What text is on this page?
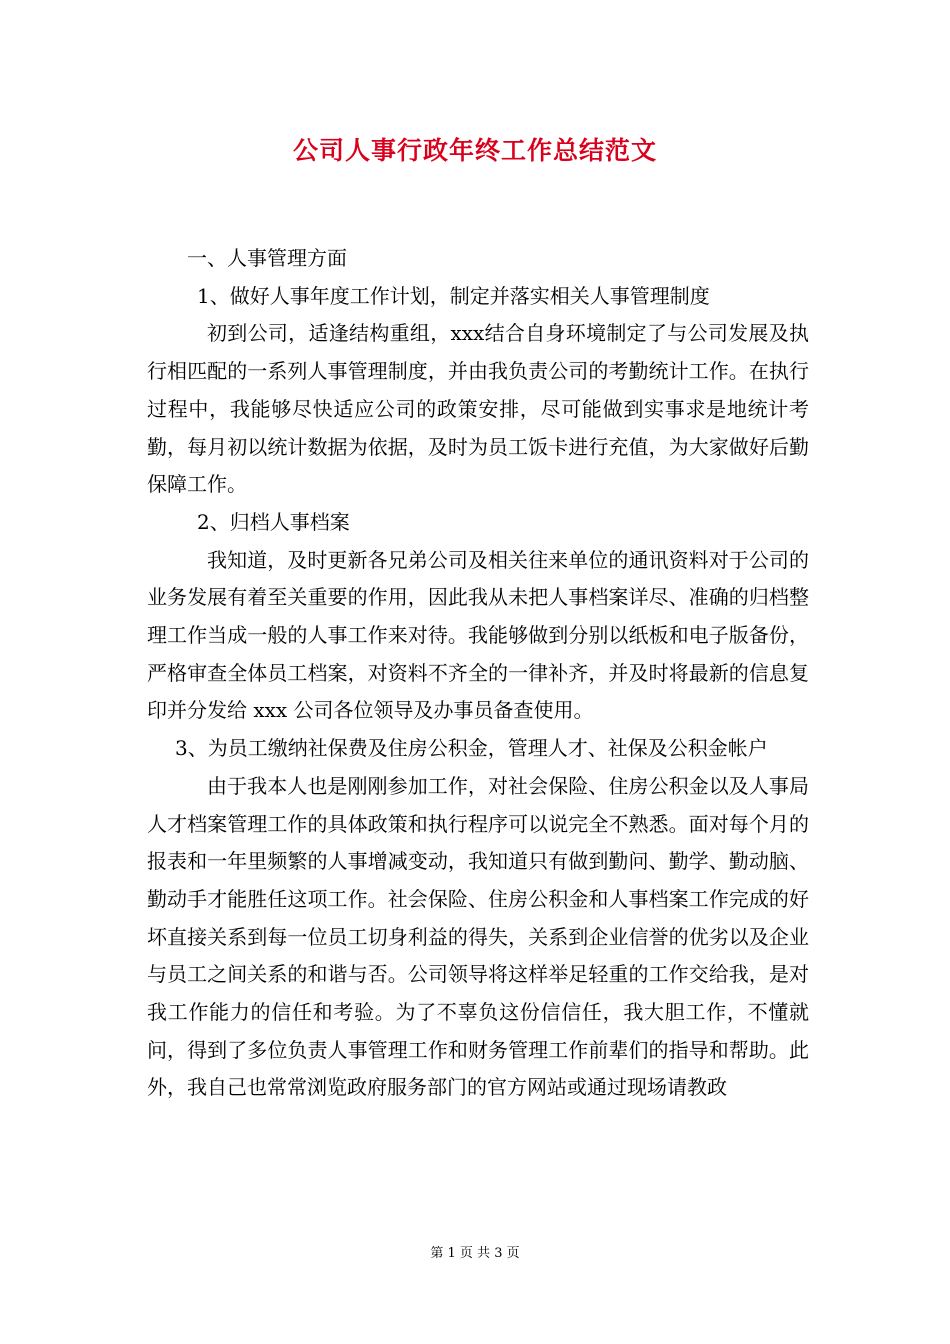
公司人事行政年终工作总结范文

一、人事管理方面

1、做好人事年度工作计划，制定并落实相关人事管理制度

初到公司，适逢结构重组，xxx结合自身环境制定了与公司发展及执行相匹配的一系列人事管理制度，并由我负责公司的考勤统计工作。在执行过程中，我能够尽快适应公司的政策安排，尽可能做到实事求是地统计考勤，每月初以统计数据为依据，及时为员工饭卡进行充值，为大家做好后勤保障工作。

2、归档人事档案

我知道，及时更新各兄弟公司及相关往来单位的通讯资料对于公司的业务发展有着至关重要的作用，因此我从未把人事档案详尽、准确的归档整理工作当成一般的人事工作来对待。我能够做到分别以纸板和电子版备份，严格审查全体员工档案，对资料不齐全的一律补齐，并及时将最新的信息复印并分发给 xxx 公司各位领导及办事员备查使用。

3、为员工缴纳社保费及住房公积金，管理人才、社保及公积金帐户

由于我本人也是刚刚参加工作，对社会保险、住房公积金以及人事局人才档案管理工作的具体政策和执行程序可以说完全不熟悉。面对每个月的报表和一年里频繁的人事增减变动，我知道只有做到勤问、勤学、勤动脑、勤动手才能胜任这项工作。社会保险、住房公积金和人事档案工作完成的好坏直接关系到每一位员工切身利益的得失，关系到企业信誉的优劣以及企业与员工之间关系的和谐与否。公司领导将这样举足轻重的工作交给我，是对我工作能力的信任和考验。为了不辜负这份信信任，我大胆工作，不懂就问，得到了多位负责人事管理工作和财务管理工作前辈们的指导和帮助。此外，我自己也常常浏览政府服务部门的官方网站或通过现场请教政

第 1 页 共 3 页
